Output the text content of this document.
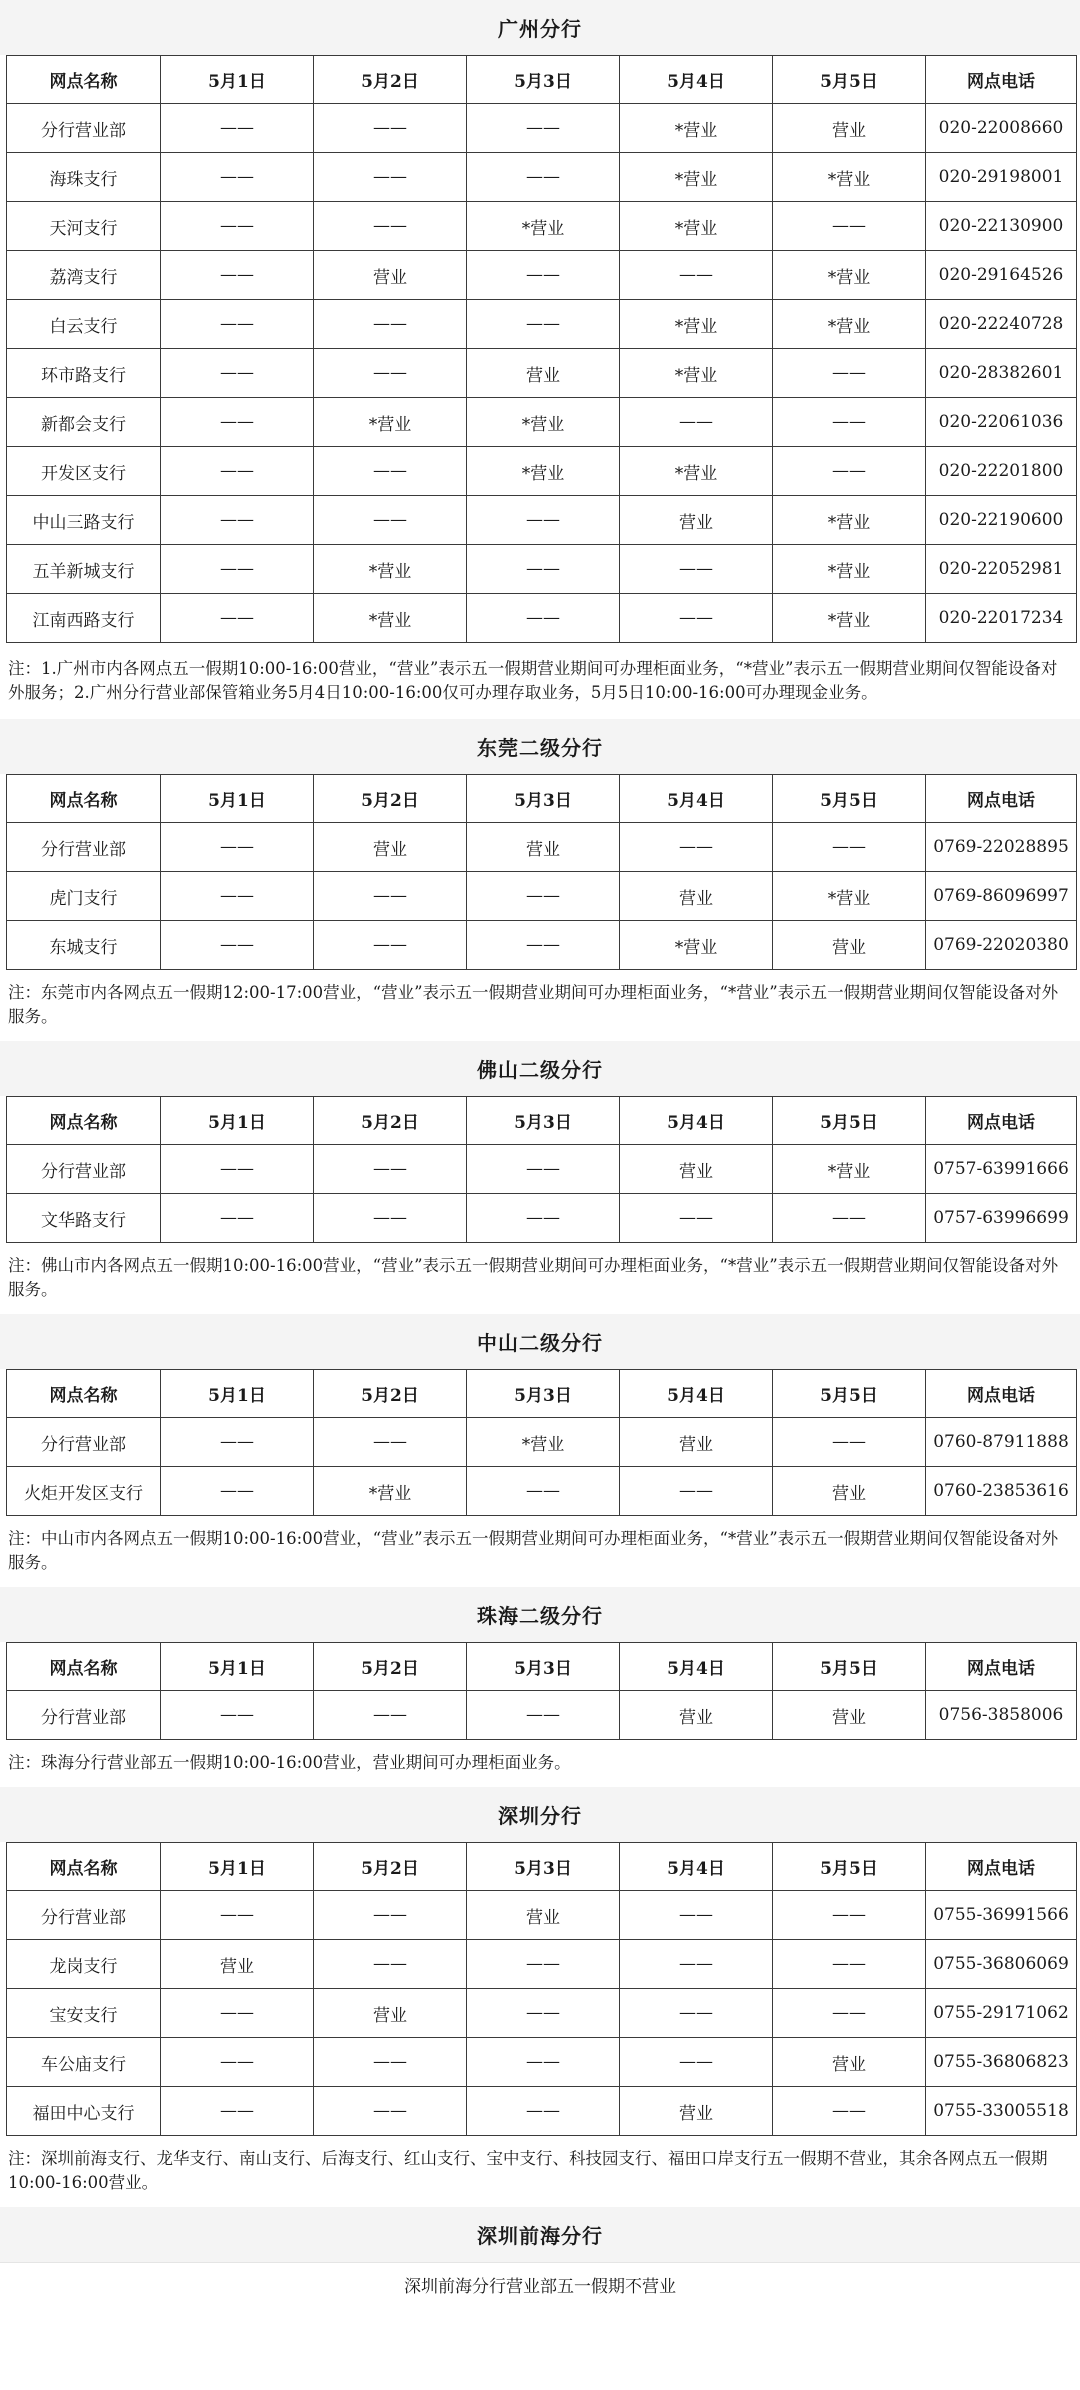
广州分行
网点名称	5月1日	5月2日	5月3日	5月4日	5月5日	网点电话
分行营业部	——	——	——	*营业	营业	020-22008660
海珠支行	——	——	——	*营业	*营业	020-29198001
天河支行	——	——	*营业	*营业	——	020-22130900
荔湾支行	——	营业	——	——	*营业	020-29164526
白云支行	——	——	——	*营业	*营业	020-22240728
环市路支行	——	——	营业	*营业	——	020-28382601
新都会支行	——	*营业	*营业	——	——	020-22061036
开发区支行	——	——	*营业	*营业	——	020-22201800
中山三路支行	——	——	——	营业	*营业	020-22190600
五羊新城支行	——	*营业	——	——	*营业	020-22052981
江南西路支行	——	*营业	——	——	*营业	020-22017234
注：1.广州市内各网点五一假期10:00-16:00营业，“营业”表示五一假期营业期间可办理柜面业务，“*营业”表示五一假期营业期间仅智能设备对外服务；2.广州分行营业部保管箱业务5月4日10:00-16:00仅可办理存取业务，5月5日10:00-16:00可办理现金业务。
东莞二级分行
网点名称	5月1日	5月2日	5月3日	5月4日	5月5日	网点电话
分行营业部	——	营业	营业	——	——	0769-22028895
虎门支行	——	——	——	营业	*营业	0769-86096997
东城支行	——	——	——	*营业	营业	0769-22020380
注：东莞市内各网点五一假期12:00-17:00营业，“营业”表示五一假期营业期间可办理柜面业务，“*营业”表示五一假期营业期间仅智能设备对外服务。
佛山二级分行
网点名称	5月1日	5月2日	5月3日	5月4日	5月5日	网点电话
分行营业部	——	——	——	营业	*营业	0757-63991666
文华路支行	——	——	——	——	——	0757-63996699
注：佛山市内各网点五一假期10:00-16:00营业，“营业”表示五一假期营业期间可办理柜面业务，“*营业”表示五一假期营业期间仅智能设备对外服务。
中山二级分行
网点名称	5月1日	5月2日	5月3日	5月4日	5月5日	网点电话
分行营业部	——	——	*营业	营业	——	0760-87911888
火炬开发区支行	——	*营业	——	——	营业	0760-23853616
注：中山市内各网点五一假期10:00-16:00营业，“营业”表示五一假期营业期间可办理柜面业务，“*营业”表示五一假期营业期间仅智能设备对外服务。
珠海二级分行
网点名称	5月1日	5月2日	5月3日	5月4日	5月5日	网点电话
分行营业部	——	——	——	营业	营业	0756-3858006
注：珠海分行营业部五一假期10:00-16:00营业，营业期间可办理柜面业务。
深圳分行
网点名称	5月1日	5月2日	5月3日	5月4日	5月5日	网点电话
分行营业部	——	——	营业	——	——	0755-36991566
龙岗支行	营业	——	——	——	——	0755-36806069
宝安支行	——	营业	——	——	——	0755-29171062
车公庙支行	——	——	——	——	营业	0755-36806823
福田中心支行	——	——	——	营业	——	0755-33005518
注：深圳前海支行、龙华支行、南山支行、后海支行、红山支行、宝中支行、科技园支行、福田口岸支行五一假期不营业，其余各网点五一假期10:00-16:00营业。
深圳前海分行
深圳前海分行营业部五一假期不营业
